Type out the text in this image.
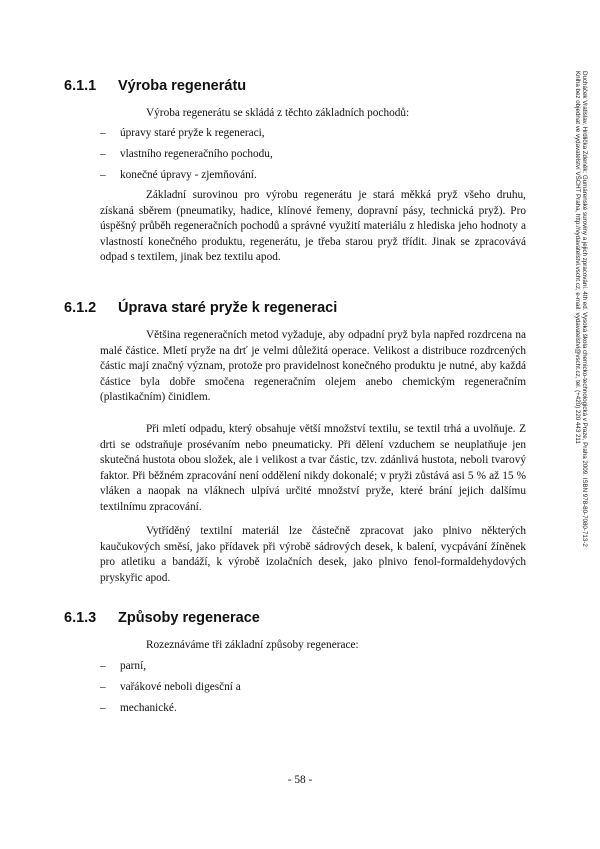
6.1.1 Výroba regenerátu

Výroba regenerátu se skládá z těchto základních pochodů:

– úpravy staré pryže k regeneraci,
– vlastního regeneračního pochodu,
– konečné úpravy - zjemňování.

Základní surovinou pro výrobu regenerátu je stará měkká pryž všeho druhu, získaná sběrem (pneumatiky, hadice, klínové řemeny, dopravní pásy, technická pryž). Pro úspěšný průběh regeneračních pochodů a správné využití materiálu z hlediska jeho hodnoty a vlastností konečného produktu, regenerátu, je třeba starou pryž třídit. Jinak se zpracovává odpad s textilem, jinak bez textilu apod.

6.1.2 Úprava staré pryže k regeneraci

Většina regeneračních metod vyžaduje, aby odpadní pryž byla napřed rozdrcena na malé částice. Mletí pryže na drť je velmi důležitá operace. Velikost a distribuce rozdrcených částic mají značný význam, protože pro pravidelnost konečného produktu je nutné, aby každá částice byla dobře smočena regeneračním olejem anebo chemickým regeneračním (plastikačním) činidlem.

Při mletí odpadu, který obsahuje větší množství textilu, se textil trhá a uvolňuje. Z drti se odstraňuje prosévaním nebo pneumaticky. Při dělení vzduchem se neuplatňuje jen skutečná hustota obou složek, ale i velikost a tvar částic, tzv. zdánlivá hustota, neboli tvarový faktor. Při běžném zpracování není oddělení nikdy dokonalé; v pryži zůstává asi 5 % až 15 % vláken a naopak na vláknech ulpívá určité množství pryže, které brání jejich dalšímu textilnímu zpracování.

Vytříděný textilní materiál lze částečně zpracovat jako plnivo některých kaučukových směsí, jako přídavek při výrobě sádrových desek, k balení, vycpávání žíněnek pro atletiku a bandáží, k výrobě izolačních desek, jako plnivo fenol-formaldehydových pryskyřic apod.

6.1.3 Způsoby regenerace

Rozeznáváme tři základní způsoby regenerace:

– parní,
– vařákové neboli digesční a
– mechanické.
Ducháček Vratislav, Hrdlička Zdeněk: Gumárenské suroviny a jejich zpracování. 4th ed. Vysoká škola chemicko-technologická v Praze, Praha 2009. ISBN 978-80-7080-713-2
Kniha bez objednat ve vydavatelství VŠCHT Praha, http://vydavatelstvi.vscht.cz, e-mail: vydavatelstvi@vscht.cz, tel. (+420) 220 443 211

- 58 -
